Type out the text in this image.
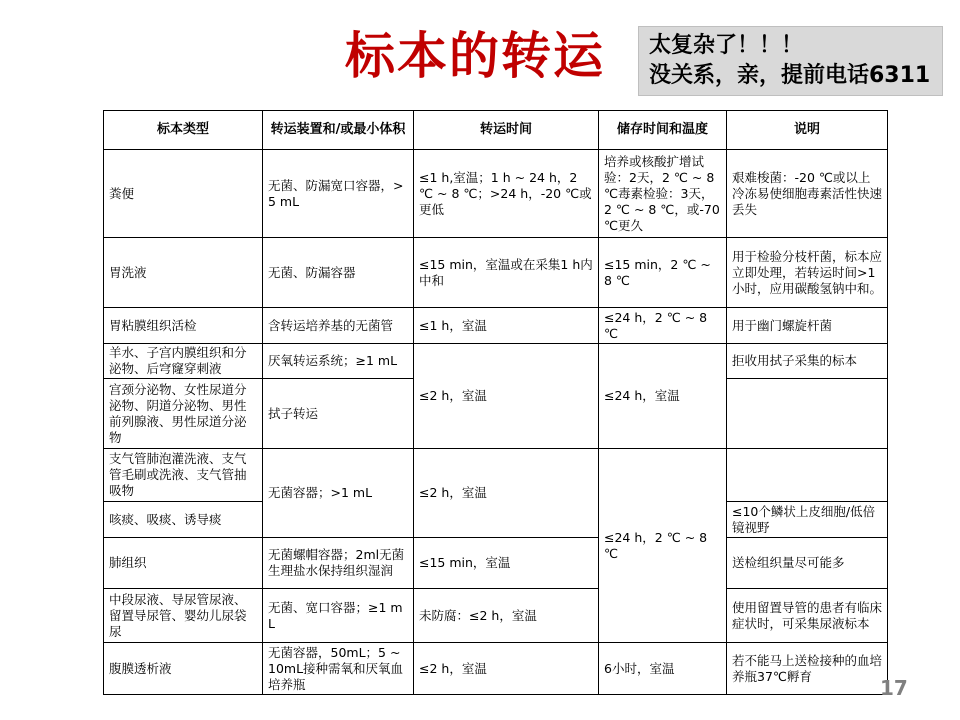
标本的转运 太复杂了！！！
没关系，亲，提前电话6311
标本类型	转运装置和/或最小体积	转运时间	储存时间和温度	说明
粪便	无菌、防漏宽口容器，>5 mL	≤1 h,室温；1 h ~ 24 h，2 ℃ ~ 8 ℃；>24 h，-20 ℃或更低	培养或核酸扩增试验：2天，2 ℃ ~ 8 ℃毒素检验：3天，2 ℃ ~ 8 ℃，或-70 ℃更久	艰难梭菌：-20 ℃或以上冷冻易使细胞毒素活性快速丢失
胃洗液	无菌、防漏容器	≤15 min，室温或在采集1 h内中和	≤15 min，2 ℃ ~ 8 ℃	用于检验分枝杆菌，标本应立即处理，若转运时间>1 小时，应用碳酸氢钠中和。
胃粘膜组织活检	含转运培养基的无菌管	≤1 h，室温	≤24 h，2 ℃ ~ 8 ℃	用于幽门螺旋杆菌
羊水、子宫内膜组织和分泌物、后穹窿穿刺液	厌氧转运系统；≥1 mL	≤2 h，室温	≤24 h，室温	拒收用拭子采集的标本
宫颈分泌物、女性尿道分泌物、阴道分泌物、男性前列腺液、男性尿道分泌物	拭子转运			
支气管肺泡灌洗液、支气管毛刷或洗液、支气管抽吸物	无菌容器；>1 mL	≤2 h，室温	≤24 h，2 ℃ ~ 8 ℃	
咳痰、吸痰、诱导痰				≤10个鳞状上皮细胞/低倍镜视野
肺组织	无菌螺帽容器；2ml无菌生理盐水保持组织湿润	≤15 min，室温		送检组织量尽可能多
中段尿液、导尿管尿液、留置导尿管、婴幼儿尿袋尿	无菌、宽口容器；≥1 mL	未防腐：≤2 h，室温		使用留置导管的患者有临床症状时，可采集尿液标本
腹膜透析液	无菌容器，50mL；5 ~ 10mL接种需氧和厌氧血培养瓶	≤2 h，室温	6小时，室温	若不能马上送检接种的血培养瓶37℃孵育	17
